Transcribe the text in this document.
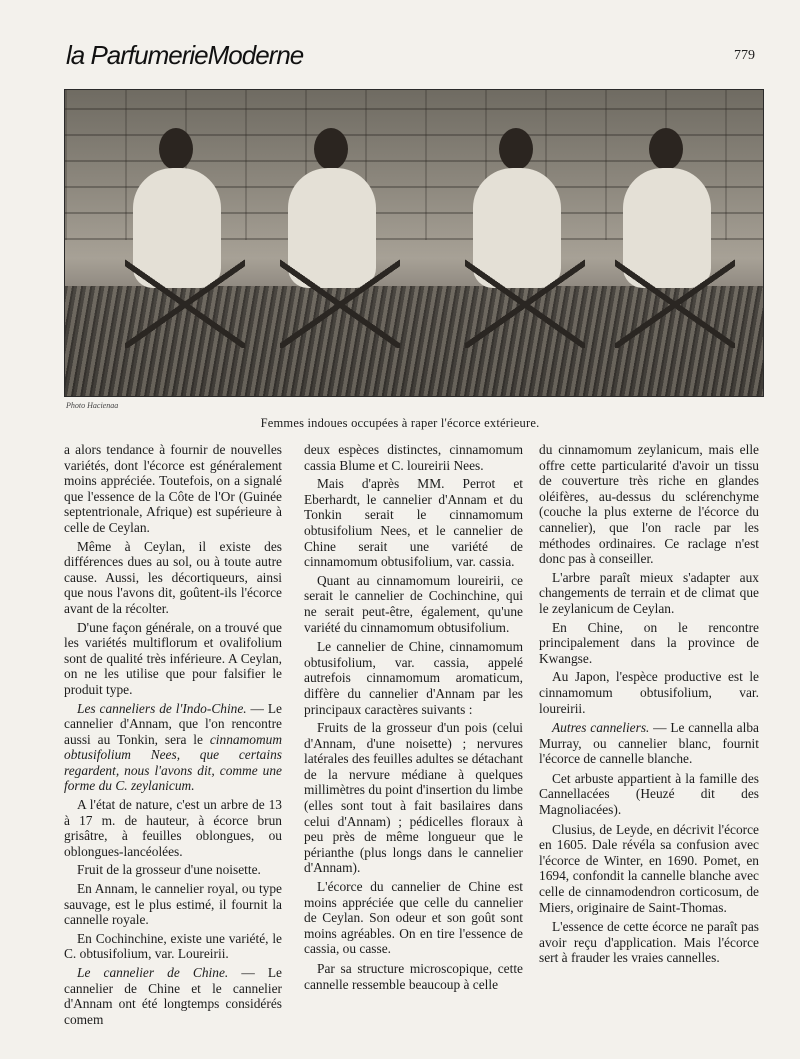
la ParfumerieModerne	779
Photo Hacienaa
Femmes indoues occupées à raper l'écorce extérieure.

a alors tendance à fournir de nouvelles variétés, dont l'écorce est généralement moins appréciée. Toutefois, on a signalé que l'essence de la Côte de l'Or (Guinée septentrionale, Afrique) est supérieure à celle de Ceylan.

Même à Ceylan, il existe des différences dues au sol, ou à toute autre cause. Aussi, les décortiqueurs, ainsi que nous l'avons dit, goûtent-ils l'écorce avant de la récolter.

D'une façon générale, on a trouvé que les variétés multiflorum et ovalifolium sont de qualité très inférieure. A Ceylan, on ne les utilise que pour falsifier le produit type.

Les canneliers de l'Indo-Chine. — Le cannelier d'Annam, que l'on rencontre aussi au Tonkin, sera le cinnamomum obtusifolium Nees, que certains regardent, nous l'avons dit, comme une forme du C. zeylanicum.

A l'état de nature, c'est un arbre de 13 à 17 m. de hauteur, à écorce brun grisâtre, à feuilles oblongues, ou oblongues-lancéolées.

Fruit de la grosseur d'une noisette.

En Annam, le cannelier royal, ou type sauvage, est le plus estimé, il fournit la cannelle royale.

En Cochinchine, existe une variété, le C. obtusifolium, var. Loureirii.

Le cannelier de Chine. — Le cannelier de Chine et le cannelier d'Annam ont été longtemps considérés comem

deux espèces distinctes, cinnamomum cassia Blume et C. loureirii Nees.

Mais d'après MM. Perrot et Eberhardt, le cannelier d'Annam et du Tonkin serait le cinnamomum obtusifolium Nees, et le cannelier de Chine serait une variété de cinnamomum obtusifolium, var. cassia.

Quant au cinnamomum loureirii, ce serait le cannelier de Cochinchine, qui ne serait peut-être, également, qu'une variété du cinnamomum obtusifolium.

Le cannelier de Chine, cinnamomum obtusifolium, var. cassia, appelé autrefois cinnamomum aromaticum, diffère du cannelier d'Annam par les principaux caractères suivants :

Fruits de la grosseur d'un pois (celui d'Annam, d'une noisette) ; nervures latérales des feuilles adultes se détachant de la nervure médiane à quelques millimètres du point d'insertion du limbe (elles sont tout à fait basilaires dans celui d'Annam) ; pédicelles floraux à peu près de même longueur que le périanthe (plus longs dans le cannelier d'Annam).

L'écorce du cannelier de Chine est moins appréciée que celle du cannelier de Ceylan. Son odeur et son goût sont moins agréables. On en tire l'essence de cassia, ou casse.

Par sa structure microscopique, cette cannelle ressemble beaucoup à celle

du cinnamomum zeylanicum, mais elle offre cette particularité d'avoir un tissu de couverture très riche en glandes oléifères, au-dessus du sclérenchyme (couche la plus externe de l'écorce du cannelier), que l'on racle par les méthodes ordinaires. Ce raclage n'est donc pas à conseiller.

L'arbre paraît mieux s'adapter aux changements de terrain et de climat que le zeylanicum de Ceylan.

En Chine, on le rencontre principalement dans la province de Kwangse.

Au Japon, l'espèce productive est le cinnamomum obtusifolium, var. loureirii.

Autres canneliers. — Le cannella alba Murray, ou cannelier blanc, fournit l'écorce de cannelle blanche.

Cet arbuste appartient à la famille des Cannellacées (Heuzé dit des Magnoliacées).

Clusius, de Leyde, en décrivit l'écorce en 1605. Dale révéla sa confusion avec l'écorce de Winter, en 1690. Pomet, en 1694, confondit la cannelle blanche avec celle de cinnamodendron corticosum, de Miers, originaire de Saint-Thomas.

L'essence de cette écorce ne paraît pas avoir reçu d'application. Mais l'écorce sert à frauder les vraies cannelles.
